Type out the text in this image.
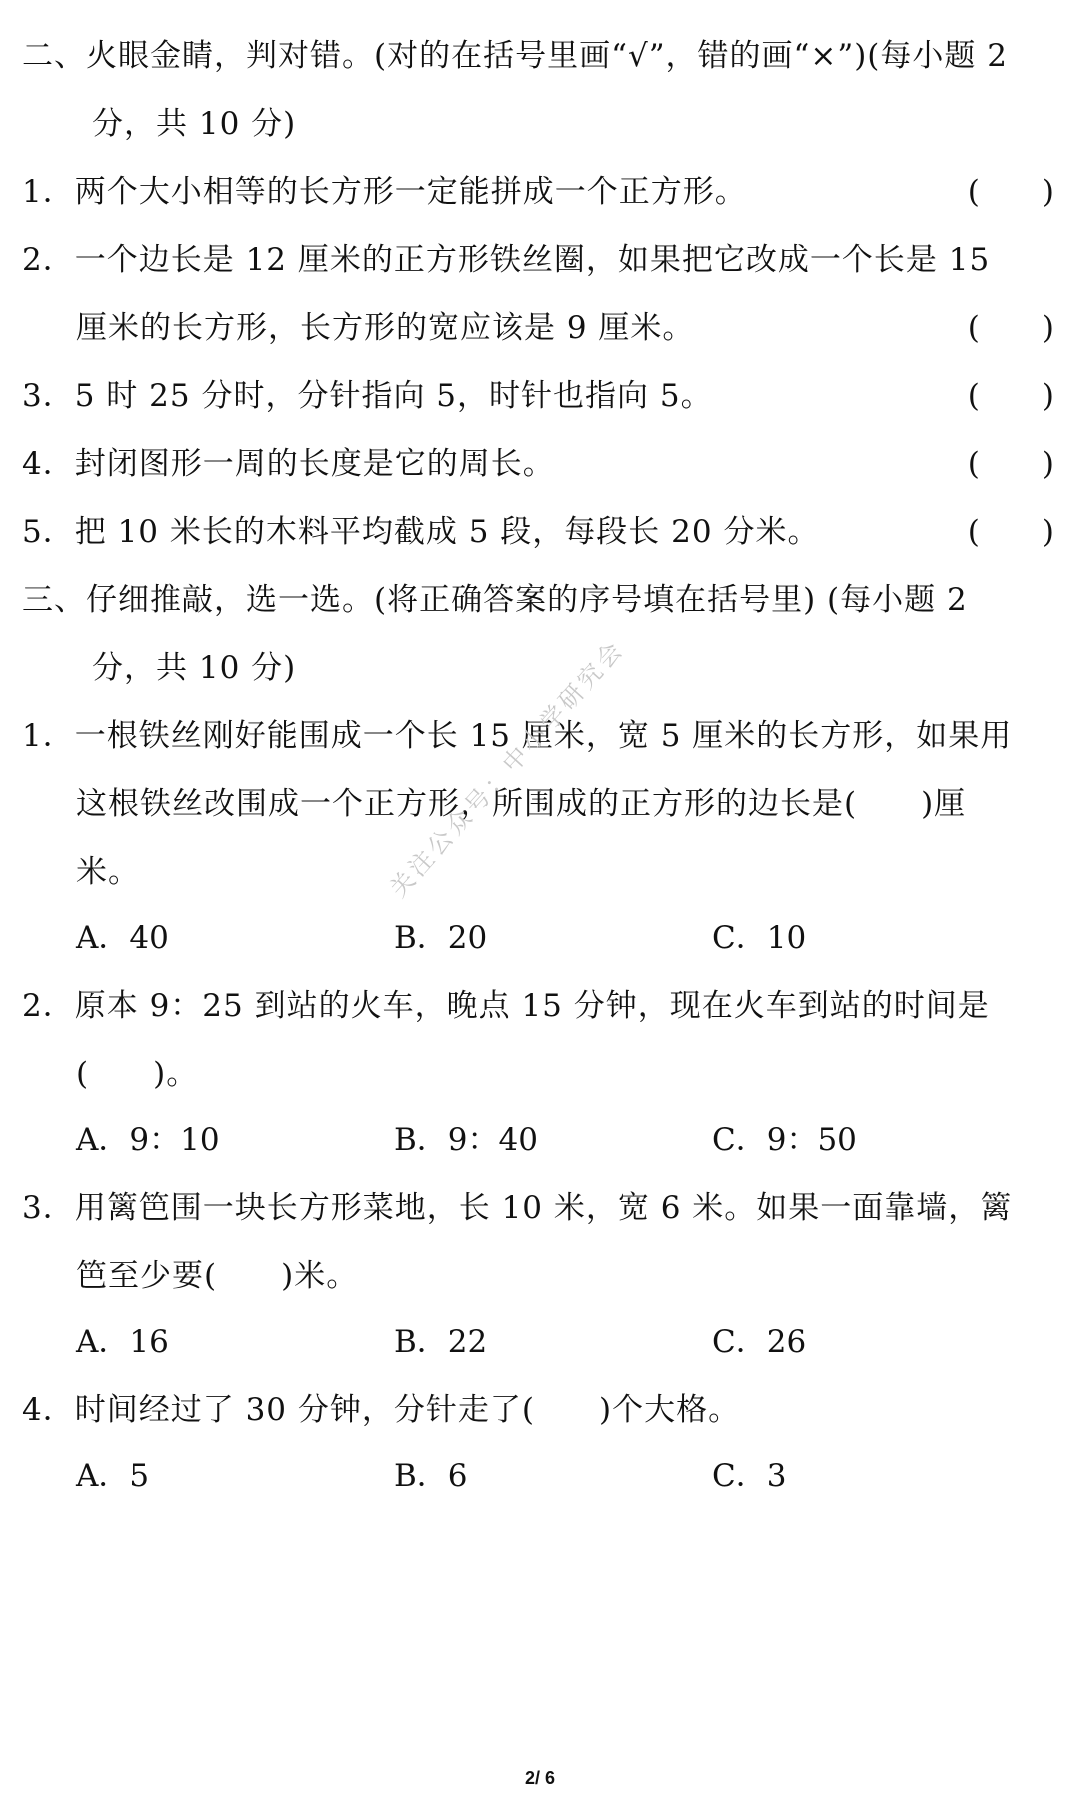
二、火眼金睛，判对错。(对的在括号里画“√”，错的画“×”)(每小题 2
分，共 10 分)
1．两个大小相等的长方形一定能拼成一个正方形。	(　　)
2．一个边长是 12 厘米的正方形铁丝圈，如果把它改成一个长是 15
厘米的长方形，长方形的宽应该是 9 厘米。	(　　)
3．5 时 25 分时，分针指向 5，时针也指向 5。	(　　)
4．封闭图形一周的长度是它的周长。	(　　)
5．把 10 米长的木料平均截成 5 段，每段长 20 分米。	(　　)
三、仔细推敲，选一选。(将正确答案的序号填在括号里) (每小题 2
分，共 10 分)
1．一根铁丝刚好能围成一个长 15 厘米，宽 5 厘米的长方形，如果用
这根铁丝改围成一个正方形，所围成的正方形的边长是(　　)厘
米。
A．40	B．20	C．10
2．原本 9：25 到站的火车，晚点 15 分钟，现在火车到站的时间是
(　　)。
A．9：10	B．9：40	C．9：50
3．用篱笆围一块长方形菜地，长 10 米，宽 6 米。如果一面靠墙，篱
笆至少要(　　)米。
A．16	B．22	C．26
4．时间经过了 30 分钟，分针走了(　　)个大格。
A．5	B．6	C．3
关注公众号：中小学研究会
2/ 6
